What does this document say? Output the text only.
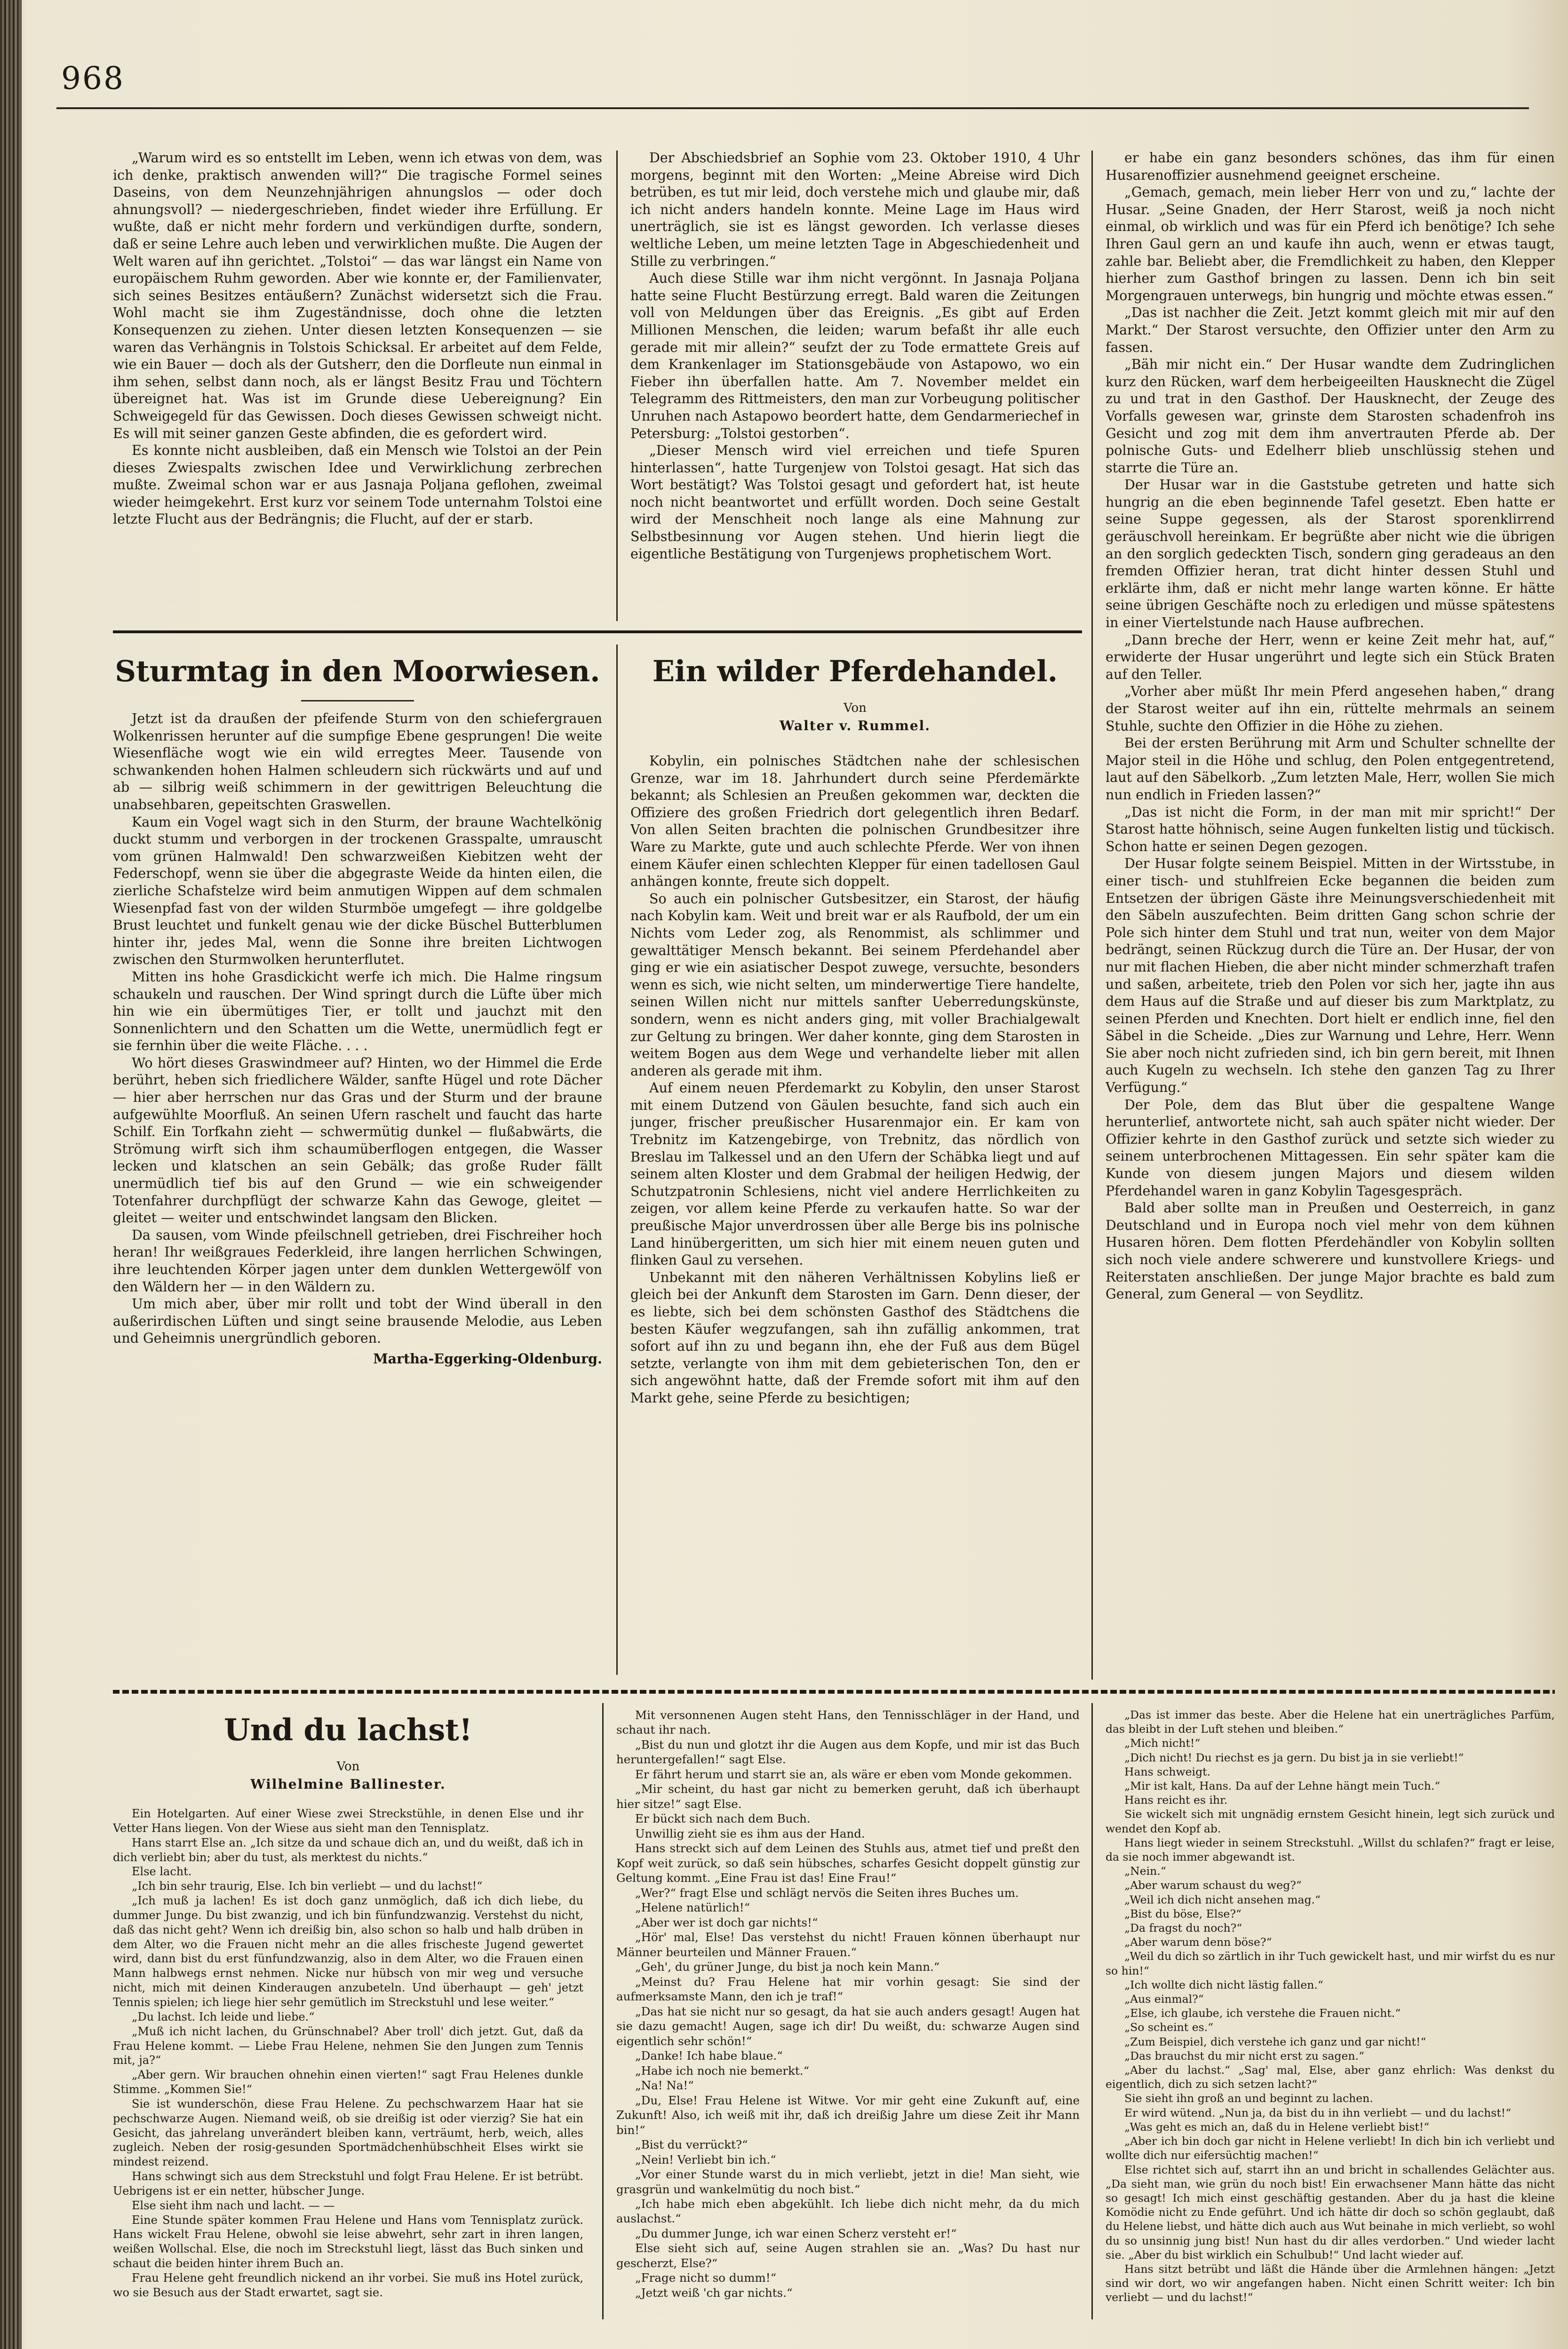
968

„Warum wird es so entstellt im Leben, wenn ich etwas von dem, was ich denke, praktisch anwenden will?“ Die tragische Formel seines Daseins, von dem Neunzehnjährigen ahnungslos — oder doch ahnungsvoll? — niedergeschrieben, findet wieder ihre Erfüllung. Er wußte, daß er nicht mehr fordern und verkündigen durfte, sondern, daß er seine Lehre auch leben und verwirklichen mußte. Die Augen der Welt waren auf ihn gerichtet. „Tolstoi“ — das war längst ein Name von europäischem Ruhm geworden. Aber wie konnte er, der Familienvater, sich seines Besitzes entäußern? Zunächst widersetzt sich die Frau. Wohl macht sie ihm Zugeständnisse, doch ohne die letzten Konsequenzen zu ziehen. Unter diesen letzten Konsequenzen — sie waren das Verhängnis in Tolstois Schicksal. Er arbeitet auf dem Felde, wie ein Bauer — doch als der Gutsherr, den die Dorfleute nun einmal in ihm sehen, selbst dann noch, als er längst Besitz Frau und Töchtern übereignet hat. Was ist im Grunde diese Uebereignung? Ein Schweigegeld für das Gewissen. Doch dieses Gewissen schweigt nicht. Es will mit seiner ganzen Geste abfinden, die es gefordert wird.

Es konnte nicht ausbleiben, daß ein Mensch wie Tolstoi an der Pein dieses Zwiespalts zwischen Idee und Verwirklichung zerbrechen mußte. Zweimal schon war er aus Jasnaja Poljana geflohen, zweimal wieder heimgekehrt. Erst kurz vor seinem Tode unternahm Tolstoi eine letzte Flucht aus der Bedrängnis; die Flucht, auf der er starb.

Der Abschiedsbrief an Sophie vom 23. Oktober 1910, 4 Uhr morgens, beginnt mit den Worten: „Meine Abreise wird Dich betrüben, es tut mir leid, doch verstehe mich und glaube mir, daß ich nicht anders handeln konnte. Meine Lage im Haus wird unerträglich, sie ist es längst geworden. Ich verlasse dieses weltliche Leben, um meine letzten Tage in Abgeschiedenheit und Stille zu verbringen.“

Auch diese Stille war ihm nicht vergönnt. In Jasnaja Poljana hatte seine Flucht Bestürzung erregt. Bald waren die Zeitungen voll von Meldungen über das Ereignis. „Es gibt auf Erden Millionen Menschen, die leiden; warum befaßt ihr alle euch gerade mit mir allein?“ seufzt der zu Tode ermattete Greis auf dem Krankenlager im Stationsgebäude von Astapowo, wo ein Fieber ihn überfallen hatte. Am 7. November meldet ein Telegramm des Rittmeisters, den man zur Vorbeugung politischer Unruhen nach Astapowo beordert hatte, dem Gendarmeriechef in Petersburg: „Tolstoi gestorben“.

„Dieser Mensch wird viel erreichen und tiefe Spuren hinterlassen“, hatte Turgenjew von Tolstoi gesagt. Hat sich das Wort bestätigt? Was Tolstoi gesagt und gefordert hat, ist heute noch nicht beantwortet und erfüllt worden. Doch seine Gestalt wird der Menschheit noch lange als eine Mahnung zur Selbstbesinnung vor Augen stehen. Und hierin liegt die eigentliche Bestätigung von Turgenjews prophetischem Wort.

er habe ein ganz besonders schönes, das ihm für einen Husarenoffizier ausnehmend geeignet erscheine.

„Gemach, gemach, mein lieber Herr von und zu,“ lachte der Husar. „Seine Gnaden, der Herr Starost, weiß ja noch nicht einmal, ob wirklich und was für ein Pferd ich benötige? Ich sehe Ihren Gaul gern an und kaufe ihn auch, wenn er etwas taugt, zahle bar. Beliebt aber, die Fremdlichkeit zu haben, den Klepper hierher zum Gasthof bringen zu lassen. Denn ich bin seit Morgengrauen unterwegs, bin hungrig und möchte etwas essen.“

„Das ist nachher die Zeit. Jetzt kommt gleich mit mir auf den Markt.“ Der Starost versuchte, den Offizier unter den Arm zu fassen.

„Bäh mir nicht ein.“ Der Husar wandte dem Zudringlichen kurz den Rücken, warf dem herbeigeeilten Hausknecht die Zügel zu und trat in den Gasthof. Der Hausknecht, der Zeuge des Vorfalls gewesen war, grinste dem Starosten schadenfroh ins Gesicht und zog mit dem ihm anvertrauten Pferde ab. Der polnische Guts- und Edelherr blieb unschlüssig stehen und starrte die Türe an.

Der Husar war in die Gaststube getreten und hatte sich hungrig an die eben beginnende Tafel gesetzt. Eben hatte er seine Suppe gegessen, als der Starost sporenklirrend geräuschvoll hereinkam. Er begrüßte aber nicht wie die übrigen an den sorglich gedeckten Tisch, sondern ging geradeaus an den fremden Offizier heran, trat dicht hinter dessen Stuhl und erklärte ihm, daß er nicht mehr lange warten könne. Er hätte seine übrigen Geschäfte noch zu erledigen und müsse spätestens in einer Viertelstunde nach Hause aufbrechen.

„Dann breche der Herr, wenn er keine Zeit mehr hat, auf,“ erwiderte der Husar ungerührt und legte sich ein Stück Braten auf den Teller.

„Vorher aber müßt Ihr mein Pferd angesehen haben,“ drang der Starost weiter auf ihn ein, rüttelte mehrmals an seinem Stuhle, suchte den Offizier in die Höhe zu ziehen.

Bei der ersten Berührung mit Arm und Schulter schnellte der Major steil in die Höhe und schlug, den Polen entgegentretend, laut auf den Säbelkorb. „Zum letzten Male, Herr, wollen Sie mich nun endlich in Frieden lassen?“

„Das ist nicht die Form, in der man mit mir spricht!“ Der Starost hatte höhnisch, seine Augen funkelten listig und tückisch. Schon hatte er seinen Degen gezogen.

Der Husar folgte seinem Beispiel. Mitten in der Wirtsstube, in einer tisch- und stuhlfreien Ecke begannen die beiden zum Entsetzen der übrigen Gäste ihre Meinungsverschiedenheit mit den Säbeln auszufechten. Beim dritten Gang schon schrie der Pole sich hinter dem Stuhl und trat nun, weiter von dem Major bedrängt, seinen Rückzug durch die Türe an. Der Husar, der von nur mit flachen Hieben, die aber nicht minder schmerzhaft trafen und saßen, arbeitete, trieb den Polen vor sich her, jagte ihn aus dem Haus auf die Straße und auf dieser bis zum Marktplatz, zu seinen Pferden und Knechten. Dort hielt er endlich inne, fiel den Säbel in die Scheide. „Dies zur Warnung und Lehre, Herr. Wenn Sie aber noch nicht zufrieden sind, ich bin gern bereit, mit Ihnen auch Kugeln zu wechseln. Ich stehe den ganzen Tag zu Ihrer Verfügung.“

Der Pole, dem das Blut über die gespaltene Wange herunterlief, antwortete nicht, sah auch später nicht wieder. Der Offizier kehrte in den Gasthof zurück und setzte sich wieder zu seinem unterbrochenen Mittagessen. Ein sehr später kam die Kunde von diesem jungen Majors und diesem wilden Pferdehandel waren in ganz Kobylin Tagesgespräch.

Bald aber sollte man in Preußen und Oesterreich, in ganz Deutschland und in Europa noch viel mehr von dem kühnen Husaren hören. Dem flotten Pferdehändler von Kobylin sollten sich noch viele andere schwerere und kunstvollere Kriegs- und Reiterstaten anschließen. Der junge Major brachte es bald zum General, zum General — von Seydlitz.

Sturmtag in den Moorwiesen.

Jetzt ist da draußen der pfeifende Sturm von den schiefergrauen Wolkenrissen herunter auf die sumpfige Ebene gesprungen! Die weite Wiesenfläche wogt wie ein wild erregtes Meer. Tausende von schwankenden hohen Halmen schleudern sich rückwärts und auf und ab — silbrig weiß schimmern in der gewittrigen Beleuchtung die unabsehbaren, gepeitschten Graswellen.

Kaum ein Vogel wagt sich in den Sturm, der braune Wachtelkönig duckt stumm und verborgen in der trockenen Grasspalte, umrauscht vom grünen Halmwald! Den schwarzweißen Kiebitzen weht der Federschopf, wenn sie über die abgegraste Weide da hinten eilen, die zierliche Schafstelze wird beim anmutigen Wippen auf dem schmalen Wiesenpfad fast von der wilden Sturmböe umgefegt — ihre goldgelbe Brust leuchtet und funkelt genau wie der dicke Büschel Butterblumen hinter ihr, jedes Mal, wenn die Sonne ihre breiten Lichtwogen zwischen den Sturmwolken herunterflutet.

Mitten ins hohe Grasdickicht werfe ich mich. Die Halme ringsum schaukeln und rauschen. Der Wind springt durch die Lüfte über mich hin wie ein übermütiges Tier, er tollt und jauchzt mit den Sonnenlichtern und den Schatten um die Wette, unermüdlich fegt er sie fernhin über die weite Fläche. . . .

Wo hört dieses Graswindmeer auf? Hinten, wo der Himmel die Erde berührt, heben sich friedlichere Wälder, sanfte Hügel und rote Dächer — hier aber herrschen nur das Gras und der Sturm und der braune aufgewühlte Moorfluß. An seinen Ufern raschelt und faucht das harte Schilf. Ein Torfkahn zieht — schwermütig dunkel — flußabwärts, die Strömung wirft sich ihm schaumüberflogen entgegen, die Wasser lecken und klatschen an sein Gebälk; das große Ruder fällt unermüdlich tief bis auf den Grund — wie ein schweigender Totenfahrer durchpflügt der schwarze Kahn das Gewoge, gleitet — gleitet — weiter und entschwindet langsam den Blicken.

Da sausen, vom Winde pfeilschnell getrieben, drei Fischreiher hoch heran! Ihr weißgraues Federkleid, ihre langen herrlichen Schwingen, ihre leuchtenden Körper jagen unter dem dunklen Wettergewölf von den Wäldern her — in den Wäldern zu.

Um mich aber, über mir rollt und tobt der Wind überall in den außerirdischen Lüften und singt seine brausende Melodie, aus Leben und Geheimnis unergründlich geboren.

Martha-Eggerking-Oldenburg.
Ein wilder Pferdehandel.
Von
Walter v. Rummel.

Kobylin, ein polnisches Städtchen nahe der schlesischen Grenze, war im 18. Jahrhundert durch seine Pferdemärkte bekannt; als Schlesien an Preußen gekommen war, deckten die Offiziere des großen Friedrich dort gelegentlich ihren Bedarf. Von allen Seiten brachten die polnischen Grundbesitzer ihre Ware zu Markte, gute und auch schlechte Pferde. Wer von ihnen einem Käufer einen schlechten Klepper für einen tadellosen Gaul anhängen konnte, freute sich doppelt.

So auch ein polnischer Gutsbesitzer, ein Starost, der häufig nach Kobylin kam. Weit und breit war er als Raufbold, der um ein Nichts vom Leder zog, als Renommist, als schlimmer und gewalttätiger Mensch bekannt. Bei seinem Pferdehandel aber ging er wie ein asiatischer Despot zuwege, versuchte, besonders wenn es sich, wie nicht selten, um minderwertige Tiere handelte, seinen Willen nicht nur mittels sanfter Ueberredungskünste, sondern, wenn es nicht anders ging, mit voller Brachialgewalt zur Geltung zu bringen. Wer daher konnte, ging dem Starosten in weitem Bogen aus dem Wege und verhandelte lieber mit allen anderen als gerade mit ihm.

Auf einem neuen Pferdemarkt zu Kobylin, den unser Starost mit einem Dutzend von Gäulen besuchte, fand sich auch ein junger, frischer preußischer Husarenmajor ein. Er kam von Trebnitz im Katzengebirge, von Trebnitz, das nördlich von Breslau im Talkessel und an den Ufern der Schäbka liegt und auf seinem alten Kloster und dem Grabmal der heiligen Hedwig, der Schutzpatronin Schlesiens, nicht viel andere Herrlichkeiten zu zeigen, vor allem keine Pferde zu verkaufen hatte. So war der preußische Major unverdrossen über alle Berge bis ins polnische Land hinübergeritten, um sich hier mit einem neuen guten und flinken Gaul zu versehen.

Unbekannt mit den näheren Verhältnissen Kobylins ließ er gleich bei der Ankunft dem Starosten im Garn. Denn dieser, der es liebte, sich bei dem schönsten Gasthof des Städtchens die besten Käufer wegzufangen, sah ihn zufällig ankommen, trat sofort auf ihn zu und begann ihn, ehe der Fuß aus dem Bügel setzte, verlangte von ihm mit dem gebieterischen Ton, den er sich angewöhnt hatte, daß der Fremde sofort mit ihm auf den Markt gehe, seine Pferde zu besichtigen;

Und du lachst!
Von
Wilhelmine Ballinester.

Ein Hotelgarten. Auf einer Wiese zwei Streckstühle, in denen Else und ihr Vetter Hans liegen. Von der Wiese aus sieht man den Tennisplatz.

Hans starrt Else an. „Ich sitze da und schaue dich an, und du weißt, daß ich in dich verliebt bin; aber du tust, als merktest du nichts.“

Else lacht.

„Ich bin sehr traurig, Else. Ich bin verliebt — und du lachst!“

„Ich muß ja lachen! Es ist doch ganz unmöglich, daß ich dich liebe, du dummer Junge. Du bist zwanzig, und ich bin fünfundzwanzig. Verstehst du nicht, daß das nicht geht? Wenn ich dreißig bin, also schon so halb und halb drüben in dem Alter, wo die Frauen nicht mehr an die alles frischeste Jugend gewertet wird, dann bist du erst fünfundzwanzig, also in dem Alter, wo die Frauen einen Mann halbwegs ernst nehmen. Nicke nur hübsch von mir weg und versuche nicht, mich mit deinen Kinderaugen anzubeteln. Und überhaupt — geh' jetzt Tennis spielen; ich liege hier sehr gemütlich im Streckstuhl und lese weiter.“

„Du lachst. Ich leide und liebe.“

„Muß ich nicht lachen, du Grünschnabel? Aber troll' dich jetzt. Gut, daß da Frau Helene kommt. — Liebe Frau Helene, nehmen Sie den Jungen zum Tennis mit, ja?“

„Aber gern. Wir brauchen ohnehin einen vierten!“ sagt Frau Helenes dunkle Stimme. „Kommen Sie!“

Sie ist wunderschön, diese Frau Helene. Zu pechschwarzem Haar hat sie pechschwarze Augen. Niemand weiß, ob sie dreißig ist oder vierzig? Sie hat ein Gesicht, das jahrelang unverändert bleiben kann, verträumt, herb, weich, alles zugleich. Neben der rosig-gesunden Sportmädchenhübschheit Elses wirkt sie mindest reizend.

Hans schwingt sich aus dem Streckstuhl und folgt Frau Helene. Er ist betrübt. Uebrigens ist er ein netter, hübscher Junge.

Else sieht ihm nach und lacht. — —

Eine Stunde später kommen Frau Helene und Hans vom Tennisplatz zurück. Hans wickelt Frau Helene, obwohl sie leise abwehrt, sehr zart in ihren langen, weißen Wollschal. Else, die noch im Streckstuhl liegt, lässt das Buch sinken und schaut die beiden hinter ihrem Buch an.

Frau Helene geht freundlich nickend an ihr vorbei. Sie muß ins Hotel zurück, wo sie Besuch aus der Stadt erwartet, sagt sie.

Mit versonnenen Augen steht Hans, den Tennisschläger in der Hand, und schaut ihr nach.

„Bist du nun und glotzt ihr die Augen aus dem Kopfe, und mir ist das Buch heruntergefallen!“ sagt Else.

Er fährt herum und starrt sie an, als wäre er eben vom Monde gekommen.

„Mir scheint, du hast gar nicht zu bemerken geruht, daß ich überhaupt hier sitze!“ sagt Else.

Er bückt sich nach dem Buch.

Unwillig zieht sie es ihm aus der Hand.

Hans streckt sich auf dem Leinen des Stuhls aus, atmet tief und preßt den Kopf weit zurück, so daß sein hübsches, scharfes Gesicht doppelt günstig zur Geltung kommt. „Eine Frau ist das! Eine Frau!“

„Wer?“ fragt Else und schlägt nervös die Seiten ihres Buches um.

„Helene natürlich!“

„Aber wer ist doch gar nichts!“

„Hör' mal, Else! Das verstehst du nicht! Frauen können überhaupt nur Männer beurteilen und Männer Frauen.“

„Geh', du grüner Junge, du bist ja noch kein Mann.“

„Meinst du? Frau Helene hat mir vorhin gesagt: Sie sind der aufmerksamste Mann, den ich je traf!“

„Das hat sie nicht nur so gesagt, da hat sie auch anders gesagt! Augen hat sie dazu gemacht! Augen, sage ich dir! Du weißt, du: schwarze Augen sind eigentlich sehr schön!“

„Danke! Ich habe blaue.“

„Habe ich noch nie bemerkt.“

„Na! Na!“

„Du, Else! Frau Helene ist Witwe. Vor mir geht eine Zukunft auf, eine Zukunft! Also, ich weiß mit ihr, daß ich dreißig Jahre um diese Zeit ihr Mann bin!“

„Bist du verrückt?“

„Nein! Verliebt bin ich.“

„Vor einer Stunde warst du in mich verliebt, jetzt in die! Man sieht, wie grasgrün und wankelmütig du noch bist.“

„Ich habe mich eben abgekühlt. Ich liebe dich nicht mehr, da du mich auslachst.“

„Du dummer Junge, ich war einen Scherz versteht er!“

Else sieht sich auf, seine Augen strahlen sie an. „Was? Du hast nur gescherzt, Else?“

„Frage nicht so dumm!“

„Jetzt weiß 'ch gar nichts.“

„Das ist immer das beste. Aber die Helene hat ein unerträgliches Parfüm, das bleibt in der Luft stehen und bleiben.“

„Mich nicht!“

„Dich nicht! Du riechst es ja gern. Du bist ja in sie verliebt!“

Hans schweigt.

„Mir ist kalt, Hans. Da auf der Lehne hängt mein Tuch.“

Hans reicht es ihr.

Sie wickelt sich mit ungnädig ernstem Gesicht hinein, legt sich zurück und wendet den Kopf ab.

Hans liegt wieder in seinem Streckstuhl. „Willst du schlafen?“ fragt er leise, da sie noch immer abgewandt ist.

„Nein.“

„Aber warum schaust du weg?“

„Weil ich dich nicht ansehen mag.“

„Bist du böse, Else?“

„Da fragst du noch?“

„Aber warum denn böse?“

„Weil du dich so zärtlich in ihr Tuch gewickelt hast, und mir wirfst du es nur so hin!“

„Ich wollte dich nicht lästig fallen.“

„Aus einmal?“

„Else, ich glaube, ich verstehe die Frauen nicht.“

„So scheint es.“

„Zum Beispiel, dich verstehe ich ganz und gar nicht!“

„Das brauchst du mir nicht erst zu sagen.“

„Aber du lachst.“ „Sag' mal, Else, aber ganz ehrlich: Was denkst du eigentlich, dich zu sich setzen lacht?“

Sie sieht ihn groß an und beginnt zu lachen.

Er wird wütend. „Nun ja, da bist du in ihn verliebt — und du lachst!“

„Was geht es mich an, daß du in Helene verliebt bist!“

„Aber ich bin doch gar nicht in Helene verliebt! In dich bin ich verliebt und wollte dich nur eifersüchtig machen!“

Else richtet sich auf, starrt ihn an und bricht in schallendes Gelächter aus. „Da sieht man, wie grün du noch bist! Ein erwachsener Mann hätte das nicht so gesagt! Ich mich einst geschäftig gestanden. Aber du ja hast die kleine Komödie nicht zu Ende geführt. Und ich hätte dir doch so schön geglaubt, daß du Helene liebst, und hätte dich auch aus Wut beinahe in mich verliebt, so wohl du so unsinnig jung bist! Nun hast du dir alles verdorben.“ Und wieder lacht sie. „Aber du bist wirklich ein Schulbub!“ Und lacht wieder auf.

Hans sitzt betrübt und läßt die Hände über die Armlehnen hängen: „Jetzt sind wir dort, wo wir angefangen haben. Nicht einen Schritt weiter: Ich bin verliebt — und du lachst!“
